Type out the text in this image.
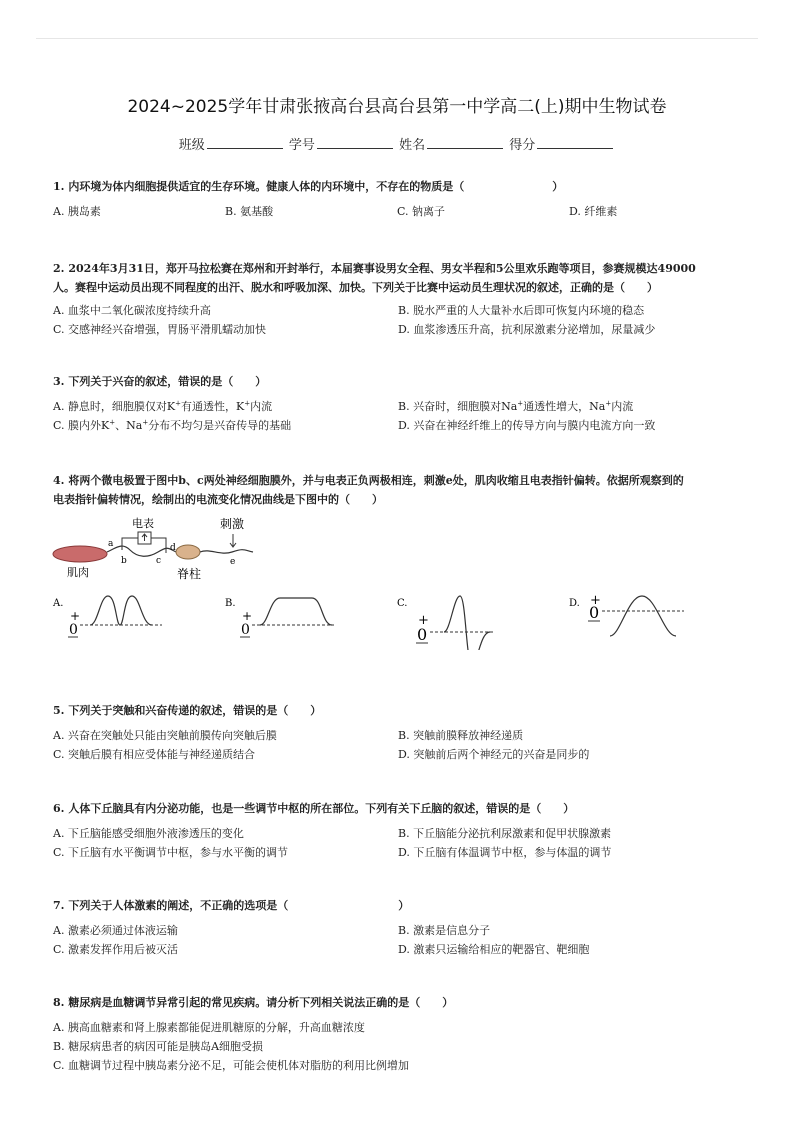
2024~2025学年甘肃张掖高台县高台县第一中学高二(上)期中生物试卷
班级	学号	姓名	得分

1. 内环境为体内细胞提供适宜的生存环境。健康人体的内环境中，不存在的物质是（　　　　　　　　）

A. 胰岛素	B. 氨基酸	C. 钠离子	D. 纤维素

2. 2024年3月31日，郑开马拉松赛在郑州和开封举行，本届赛事设男女全程、男女半程和5公里欢乐跑等项目，参赛规模达49000

人。赛程中运动员出现不同程度的出汗、脱水和呼吸加深、加快。下列关于比赛中运动员生理状况的叙述，正确的是（　　）

A. 血浆中二氧化碳浓度持续升高	B. 脱水严重的人大量补水后即可恢复内环境的稳态
C. 交感神经兴奋增强，胃肠平滑肌蠕动加快	D. 血浆渗透压升高，抗利尿激素分泌增加，尿量减少

3. 下列关于兴奋的叙述，错误的是（　　）

A. 静息时，细胞膜仅对K+有通透性，K+内流	B. 兴奋时，细胞膜对Na+通透性增大，Na+内流
C. 膜内外K+、Na+分布不均匀是兴奋传导的基础	D. 兴奋在神经纤维上的传导方向与膜内电流方向一致

4. 将两个微电极置于图中b、c两处神经细胞膜外，并与电表正负两极相连，刺激e处，肌肉收缩且电表指针偏转。依据所观察到的

电表指针偏转情况，绘制出的电流变化情况曲线是下图中的（　　）

电表	刺激
a
b	c
d
e
肌肉	脊柱
A.
+
0
B.
+
0
C.
+
0
D. +
0

5. 下列关于突触和兴奋传递的叙述，错误的是（　　）

A. 兴奋在突触处只能由突触前膜传向突触后膜	B. 突触前膜释放神经递质
C. 突触后膜有相应受体能与神经递质结合	D. 突触前后两个神经元的兴奋是同步的

6. 人体下丘脑具有内分泌功能，也是一些调节中枢的所在部位。下列有关下丘脑的叙述，错误的是（　　）

A. 下丘脑能感受细胞外液渗透压的变化	B. 下丘脑能分泌抗利尿激素和促甲状腺激素
C. 下丘脑有水平衡调节中枢，参与水平衡的调节	D. 下丘脑有体温调节中枢，参与体温的调节

7. 下列关于人体激素的阐述，不正确的选项是（　　　　　　　　　　）

A. 激素必须通过体液运输	B. 激素是信息分子
C. 激素发挥作用后被灭活	D. 激素只运输给相应的靶器官、靶细胞

8. 糖尿病是血糖调节异常引起的常见疾病。请分析下列相关说法正确的是（　　）

A. 胰高血糖素和肾上腺素都能促进肌糖原的分解，升高血糖浓度
B. 糖尿病患者的病因可能是胰岛A细胞受损
C. 血糖调节过程中胰岛素分泌不足，可能会使机体对脂肪的利用比例增加
